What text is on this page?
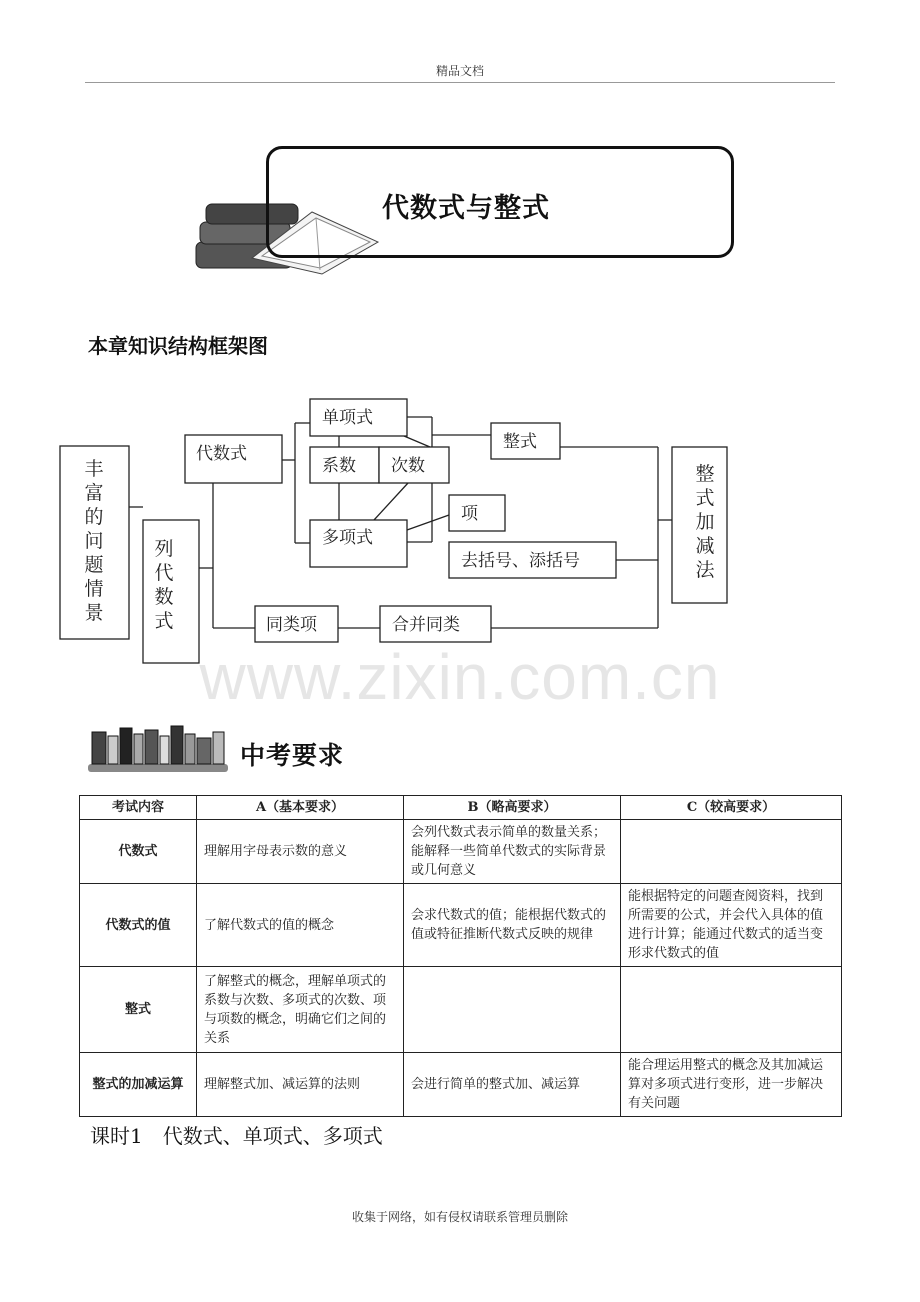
精品文档
代数式与整式
本章知识结构框架图
丰富的问题情景
列代数式
代数式
单项式
系数 次数
多项式
项
整式
去括号、添括号
整式加减法
同类项	合并同类
www.zixin.com.cn
中考要求
考试内容	A（基本要求）	B（略高要求）	C（较高要求）
代数式	理解用字母表示数的意义	会列代数式表示简单的数量关系；能解释一些简单代数式的实际背景或几何意义	
代数式的值	了解代数式的值的概念	会求代数式的值；能根据代数式的值或特征推断代数式反映的规律	能根据特定的问题查阅资料，找到所需要的公式，并会代入具体的值进行计算；能通过代数式的适当变形求代数式的值
整式	了解整式的概念，理解单项式的系数与次数、多项式的次数、项与项数的概念，明确它们之间的关系		
整式的加减运算	理解整式加、减运算的法则	会进行简单的整式加、减运算	能合理运用整式的概念及其加减运算对多项式进行变形，进一步解决有关问题
课时1　代数式、单项式、多项式
收集于网络，如有侵权请联系管理员删除
